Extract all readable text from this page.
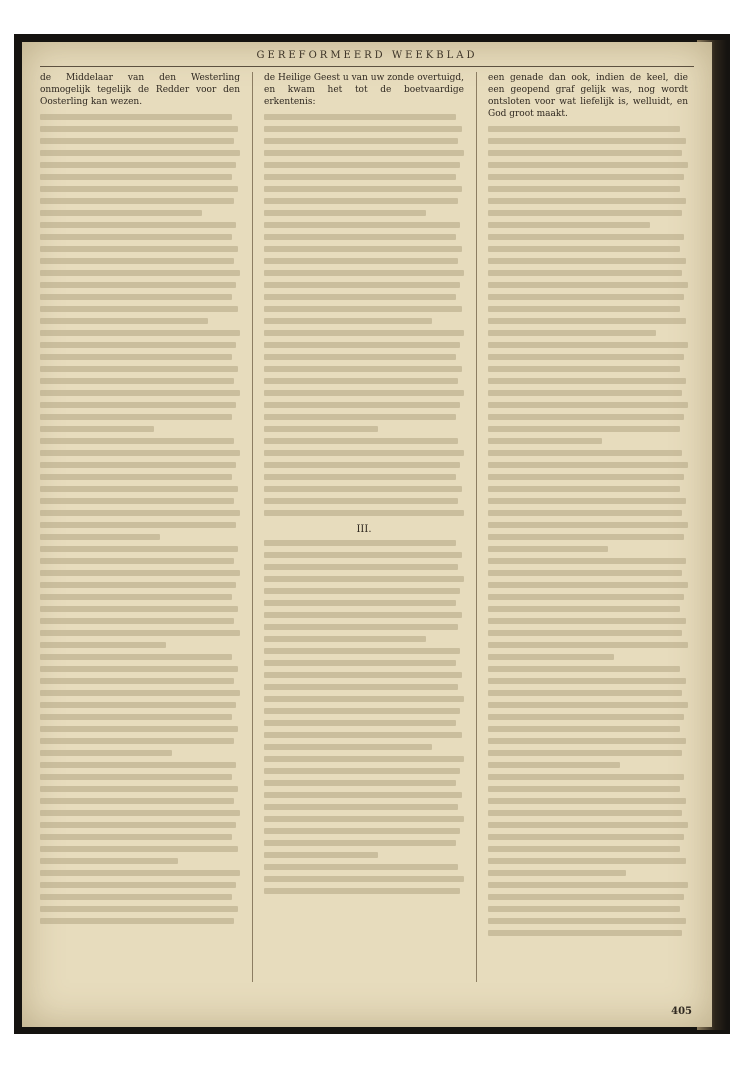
GEREFORMEERD WEEKBLAD

de Middelaar van den Westerling onmogelijk tegelijk de Redder voor den Oosterling kan wezen.

de Heilige Geest u van uw zonde overtuigd, en kwam het tot de boetvaardige erkentenis:

III.

een genade dan ook, indien de keel, die een geopend graf gelijk was, nog wordt ontsloten voor wat liefelijk is, welluidt, en God groot maakt.

405
